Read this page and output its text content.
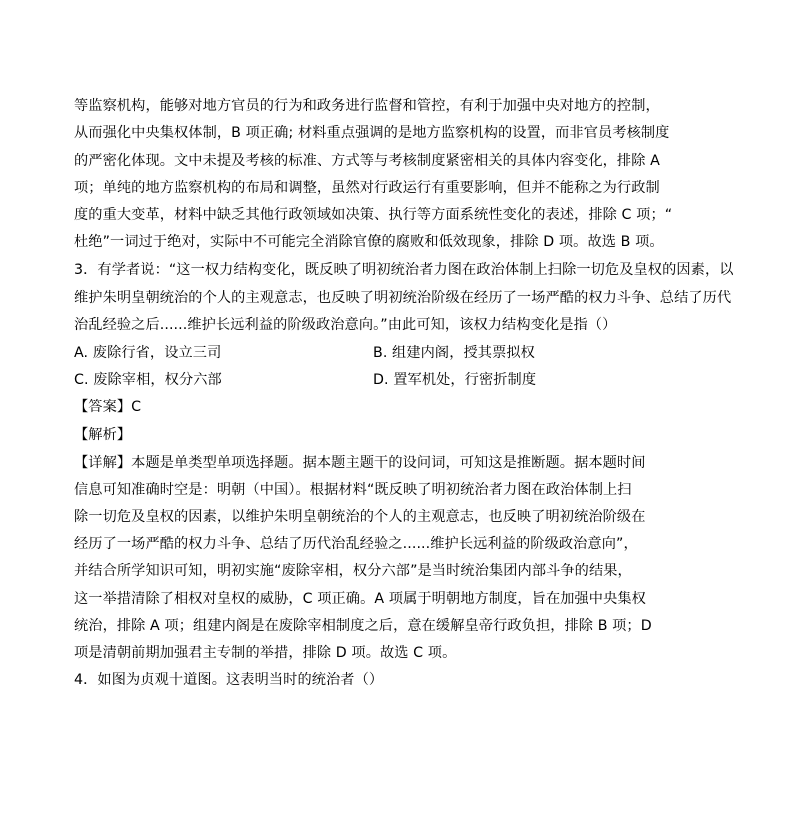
等监察机构，能够对地方官员的行为和政务进行监督和管控，有利于加强中央对地方的控制，
从而强化中央集权体制，B 项正确; 材料重点强调的是地方监察机构的设置，而非官员考核制度
的严密化体现。文中未提及考核的标准、方式等与考核制度紧密相关的具体内容变化，排除 A
项；单纯的地方监察机构的布局和调整，虽然对行政运行有重要影响，但并不能称之为行政制
度的重大变革，材料中缺乏其他行政领域如决策、执行等方面系统性变化的表述，排除 C 项；“
杜绝”一词过于绝对，实际中不可能完全消除官僚的腐败和低效现象，排除 D 项。故选 B 项。
3．有学者说：“这一权力结构变化，既反映了明初统治者力图在政治体制上扫除一切危及皇权的因素，以
维护朱明皇朝统治的个人的主观意志，也反映了明初统治阶级在经历了一场严酷的权力斗争、总结了历代
治乱经验之后......维护长远利益的阶级政治意向。”由此可知，该权力结构变化是指（）
A. 废除行省，设立三司	B. 组建内阁，授其票拟权
C. 废除宰相，权分六部	D. 置军机处，行密折制度
【答案】C
【解析】
【详解】本题是单类型单项选择题。据本题主题干的设问词，可知这是推断题。据本题时间
信息可知准确时空是：明朝（中国）。根据材料“既反映了明初统治者力图在政治体制上扫
除一切危及皇权的因素，以维护朱明皇朝统治的个人的主观意志，也反映了明初统治阶级在
经历了一场严酷的权力斗争、总结了历代治乱经验之......维护长远利益的阶级政治意向”，
并结合所学知识可知，明初实施“废除宰相，权分六部”是当时统治集团内部斗争的结果，
这一举措清除了相权对皇权的威胁，C 项正确。A 项属于明朝地方制度，旨在加强中央集权
统治，排除 A 项；组建内阁是在废除宰相制度之后，意在缓解皇帝行政负担，排除 B 项；D
项是清朝前期加强君主专制的举措，排除 D 项。故选 C 项。
4．如图为贞观十道图。这表明当时的统治者（）
